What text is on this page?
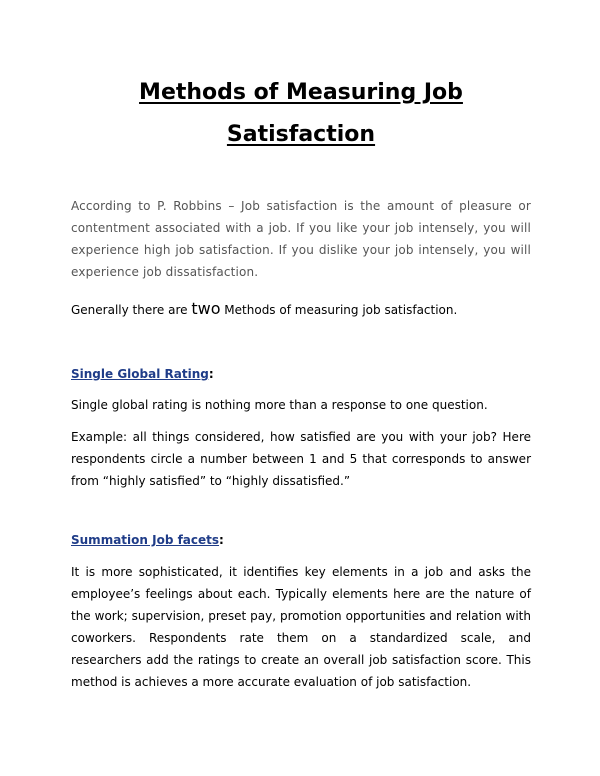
Methods of Measuring Job
Satisfaction

According to P. Robbins – Job satisfaction is the amount of pleasure or contentment associated with a job. If you like your job intensely, you will experience high job satisfaction. If you dislike your job intensely, you will experience job dissatisfaction.

Generally there are two Methods of measuring job satisfaction.

Single Global Rating:

Single global rating is nothing more than a response to one question.

Example: all things considered, how satisfied are you with your job? Here respondents circle a number between 1 and 5 that corresponds to answer from “highly satisfied” to “highly dissatisfied.”

Summation Job facets:

It is more sophisticated, it identifies key elements in a job and asks the employee’s feelings about each. Typically elements here are the nature of the work; supervision, preset pay, promotion opportunities and relation with coworkers. Respondents rate them on a standardized scale, and researchers add the ratings to create an overall job satisfaction score. This method is achieves a more accurate evaluation of job satisfaction.
